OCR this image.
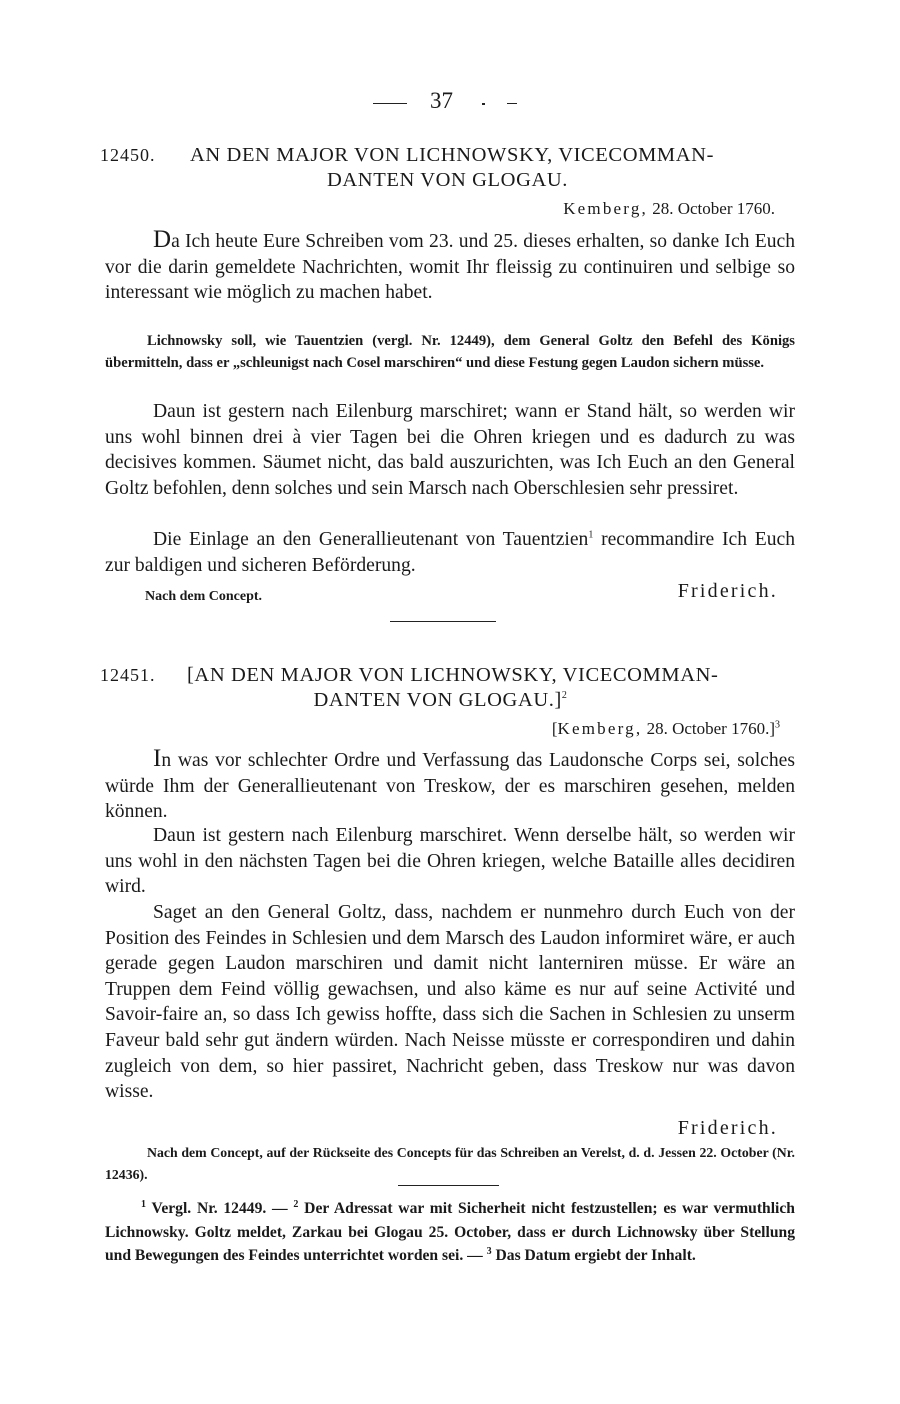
37
12450. AN DEN MAJOR VON LICHNOWSKY, VICECOMMAN-
DANTEN VON GLOGAU.
Kemberg, 28. October 1760.

Da Ich heute Eure Schreiben vom 23. und 25. dieses erhalten, so danke Ich Euch vor die darin gemeldete Nachrichten, womit Ihr fleissig zu continuiren und selbige so interessant wie möglich zu machen habet.

Lichnowsky soll, wie Tauentzien (vergl. Nr. 12449), dem General Goltz den Befehl des Königs übermitteln, dass er „schleunigst nach Cosel marschiren“ und diese Festung gegen Laudon sichern müsse.

Daun ist gestern nach Eilenburg marschiret; wann er Stand hält, so werden wir uns wohl binnen drei à vier Tagen bei die Ohren kriegen und es dadurch zu was decisives kommen. Säumet nicht, das bald auszurichten, was Ich Euch an den General Goltz befohlen, denn solches und sein Marsch nach Oberschlesien sehr pressiret.

Die Einlage an den Generallieutenant von Tauentzien$^1$ recommandire Ich Euch zur baldigen und sicheren Beförderung.

Nach dem Concept.	Friderich.
12451. [AN DEN MAJOR VON LICHNOWSKY, VICECOMMAN-
DANTEN VON GLOGAU.]$^2$
[Kemberg, 28. October 1760.]$^3$

In was vor schlechter Ordre und Verfassung das Laudonsche Corps sei, solches würde Ihm der Generallieutenant von Treskow, der es marschiren gesehen, melden können.

Daun ist gestern nach Eilenburg marschiret. Wenn derselbe hält, so werden wir uns wohl in den nächsten Tagen bei die Ohren kriegen, welche Bataille alles decidiren wird.

Saget an den General Goltz, dass, nachdem er nunmehro durch Euch von der Position des Feindes in Schlesien und dem Marsch des Laudon informiret wäre, er auch gerade gegen Laudon marschiren und damit nicht lanterniren müsse. Er wäre an Truppen dem Feind völlig gewachsen, und also käme es nur auf seine Activité und Savoir-faire an, so dass Ich gewiss hoffte, dass sich die Sachen in Schlesien zu unserm Faveur bald sehr gut ändern würden. Nach Neisse müsste er correspondiren und dahin zugleich von dem, so hier passiret, Nachricht geben, dass Treskow nur was davon wisse.

Friderich.

Nach dem Concept, auf der Rückseite des Concepts für das Schreiben an Verelst, d. d. Jessen 22. October (Nr. 12436).

$^1$ Vergl. Nr. 12449. — $^2$ Der Adressat war mit Sicherheit nicht festzustellen; es war vermuthlich Lichnowsky. Goltz meldet, Zarkau bei Glogau 25. October, dass er durch Lichnowsky über Stellung und Bewegungen des Feindes unterrichtet worden sei. — $^3$ Das Datum ergiebt der Inhalt.
